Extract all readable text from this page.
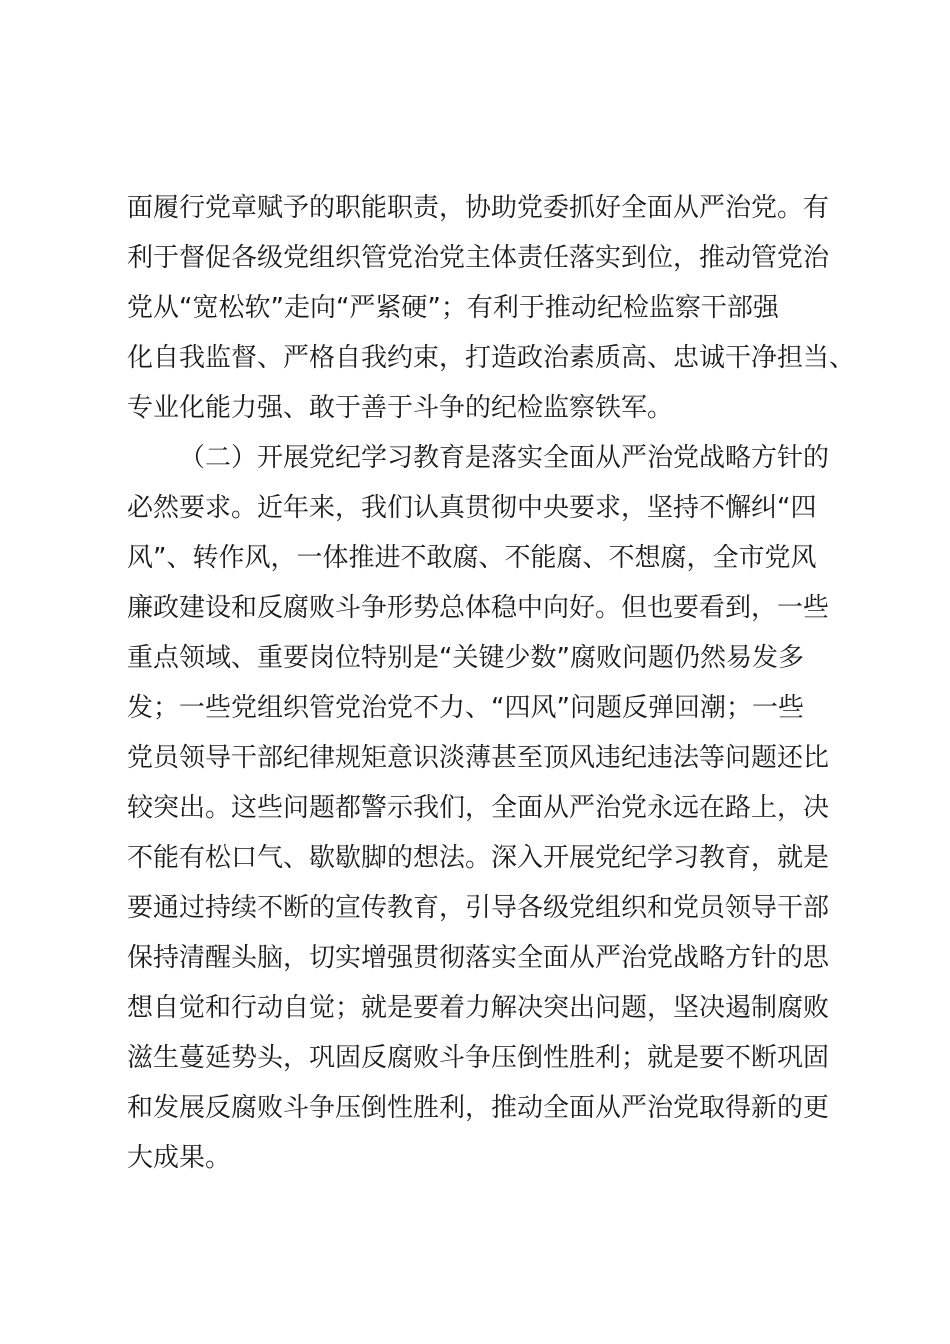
面履行党章赋予的职能职责，协助党委抓好全面从严治党。有
利于督促各级党组织管党治党主体责任落实到位，推动管党治
党从“宽松软”走向“严紧硬”；有利于推动纪检监察干部强
化自我监督、严格自我约束，打造政治素质高、忠诚干净担当、
专业化能力强、敢于善于斗争的纪检监察铁军。
（二）开展党纪学习教育是落实全面从严治党战略方针的
必然要求。近年来，我们认真贯彻中央要求，坚持不懈纠“四
风”、转作风，一体推进不敢腐、不能腐、不想腐，全市党风
廉政建设和反腐败斗争形势总体稳中向好。但也要看到，一些
重点领域、重要岗位特别是“关键少数”腐败问题仍然易发多
发；一些党组织管党治党不力、“四风”问题反弹回潮；一些
党员领导干部纪律规矩意识淡薄甚至顶风违纪违法等问题还比
较突出。这些问题都警示我们，全面从严治党永远在路上，决
不能有松口气、歇歇脚的想法。深入开展党纪学习教育，就是
要通过持续不断的宣传教育，引导各级党组织和党员领导干部
保持清醒头脑，切实增强贯彻落实全面从严治党战略方针的思
想自觉和行动自觉；就是要着力解决突出问题，坚决遏制腐败
滋生蔓延势头，巩固反腐败斗争压倒性胜利；就是要不断巩固
和发展反腐败斗争压倒性胜利，推动全面从严治党取得新的更
大成果。
